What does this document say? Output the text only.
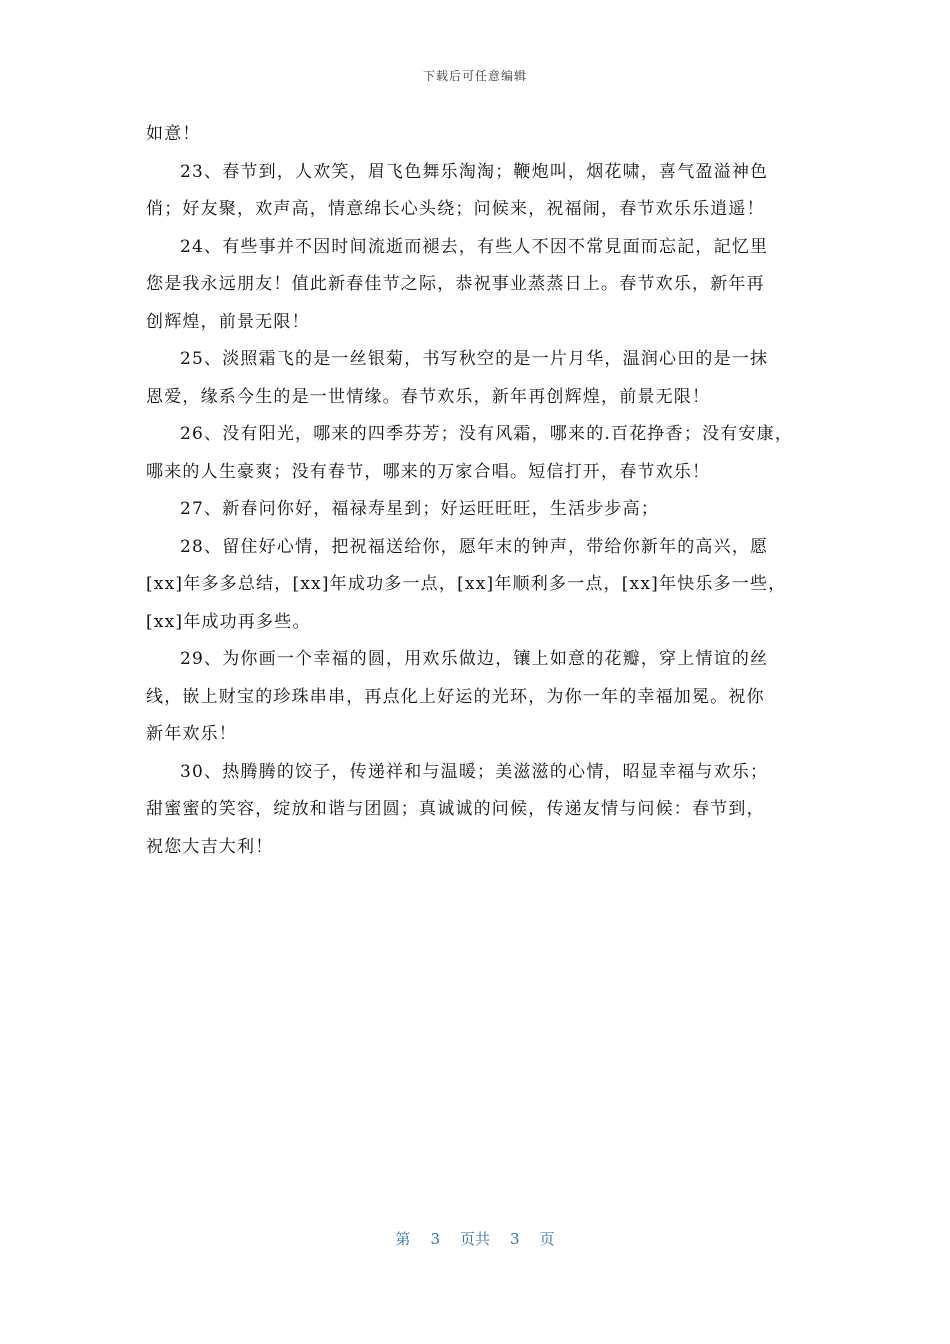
下载后可任意编辑
如意！
23、春节到，人欢笑，眉飞色舞乐淘淘；鞭炮叫，烟花啸，喜气盈溢神色
俏；好友聚，欢声高，情意绵长心头绕；问候来，祝福闹，春节欢乐乐逍遥！
24、有些事并不因时间流逝而褪去，有些人不因不常見面而忘記，記忆里
您是我永远朋友！值此新春佳节之际，恭祝事业蒸蒸日上。春节欢乐，新年再
创辉煌，前景无限！
25、淡照霜飞的是一丝银菊，书写秋空的是一片月华，温润心田的是一抹
恩爱，缘系今生的是一世情缘。春节欢乐，新年再创辉煌，前景无限！
26、没有阳光，哪来的四季芬芳；没有风霜，哪来的.百花挣香；没有安康，
哪来的人生豪爽；没有春节，哪来的万家合唱。短信打开，春节欢乐！
27、新春问你好，福禄寿星到；好运旺旺旺，生活步步高；
28、留住好心情，把祝福送给你，愿年末的钟声，带给你新年的高兴，愿
[xx]年多多总结，[xx]年成功多一点，[xx]年顺利多一点，[xx]年快乐多一些，
[xx]年成功再多些。
29、为你画一个幸福的圆，用欢乐做边，镶上如意的花瓣，穿上情谊的丝
线，嵌上财宝的珍珠串串，再点化上好运的光环，为你一年的幸福加冕。祝你
新年欢乐！
30、热腾腾的饺子，传递祥和与温暖；美滋滋的心情，昭显幸福与欢乐；
甜蜜蜜的笑容，绽放和谐与团圆；真诚诚的问候，传递友情与问候：春节到，
祝您大吉大利！
第 3 页共 3 页
